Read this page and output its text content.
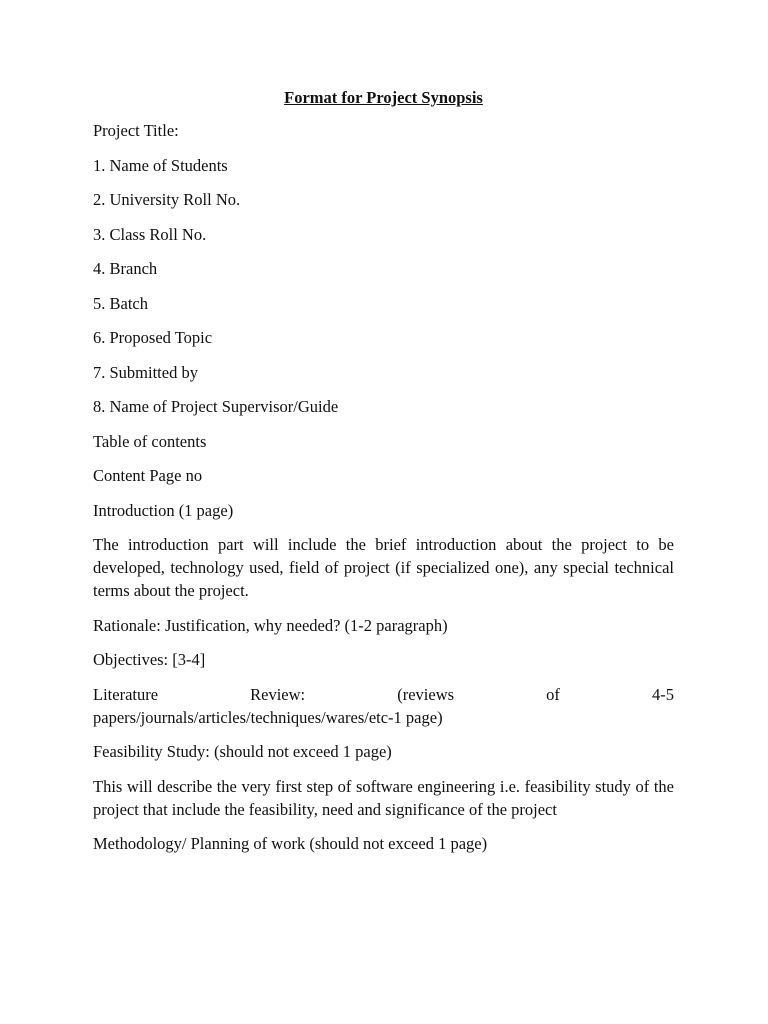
Format for Project Synopsis
Project Title:
1. Name of Students
2. University Roll No.
3. Class Roll No.
4. Branch
5. Batch
6. Proposed Topic
7. Submitted by
8. Name of Project Supervisor/Guide
Table of contents
Content Page no
Introduction (1 page)
The introduction part will include the brief introduction about the project to be developed, technology used, field of project (if specialized one), any special technical terms about the project.
Rationale: Justification, why needed? (1-2 paragraph)
Objectives: [3-4]
Literature	Review:	(reviews	of	4-5
papers/journals/articles/techniques/wares/etc-1 page)
Feasibility Study: (should not exceed 1 page)
This will describe the very first step of software engineering i.e. feasibility study of the project that include the feasibility, need and significance of the project
Methodology/ Planning of work (should not exceed 1 page)
